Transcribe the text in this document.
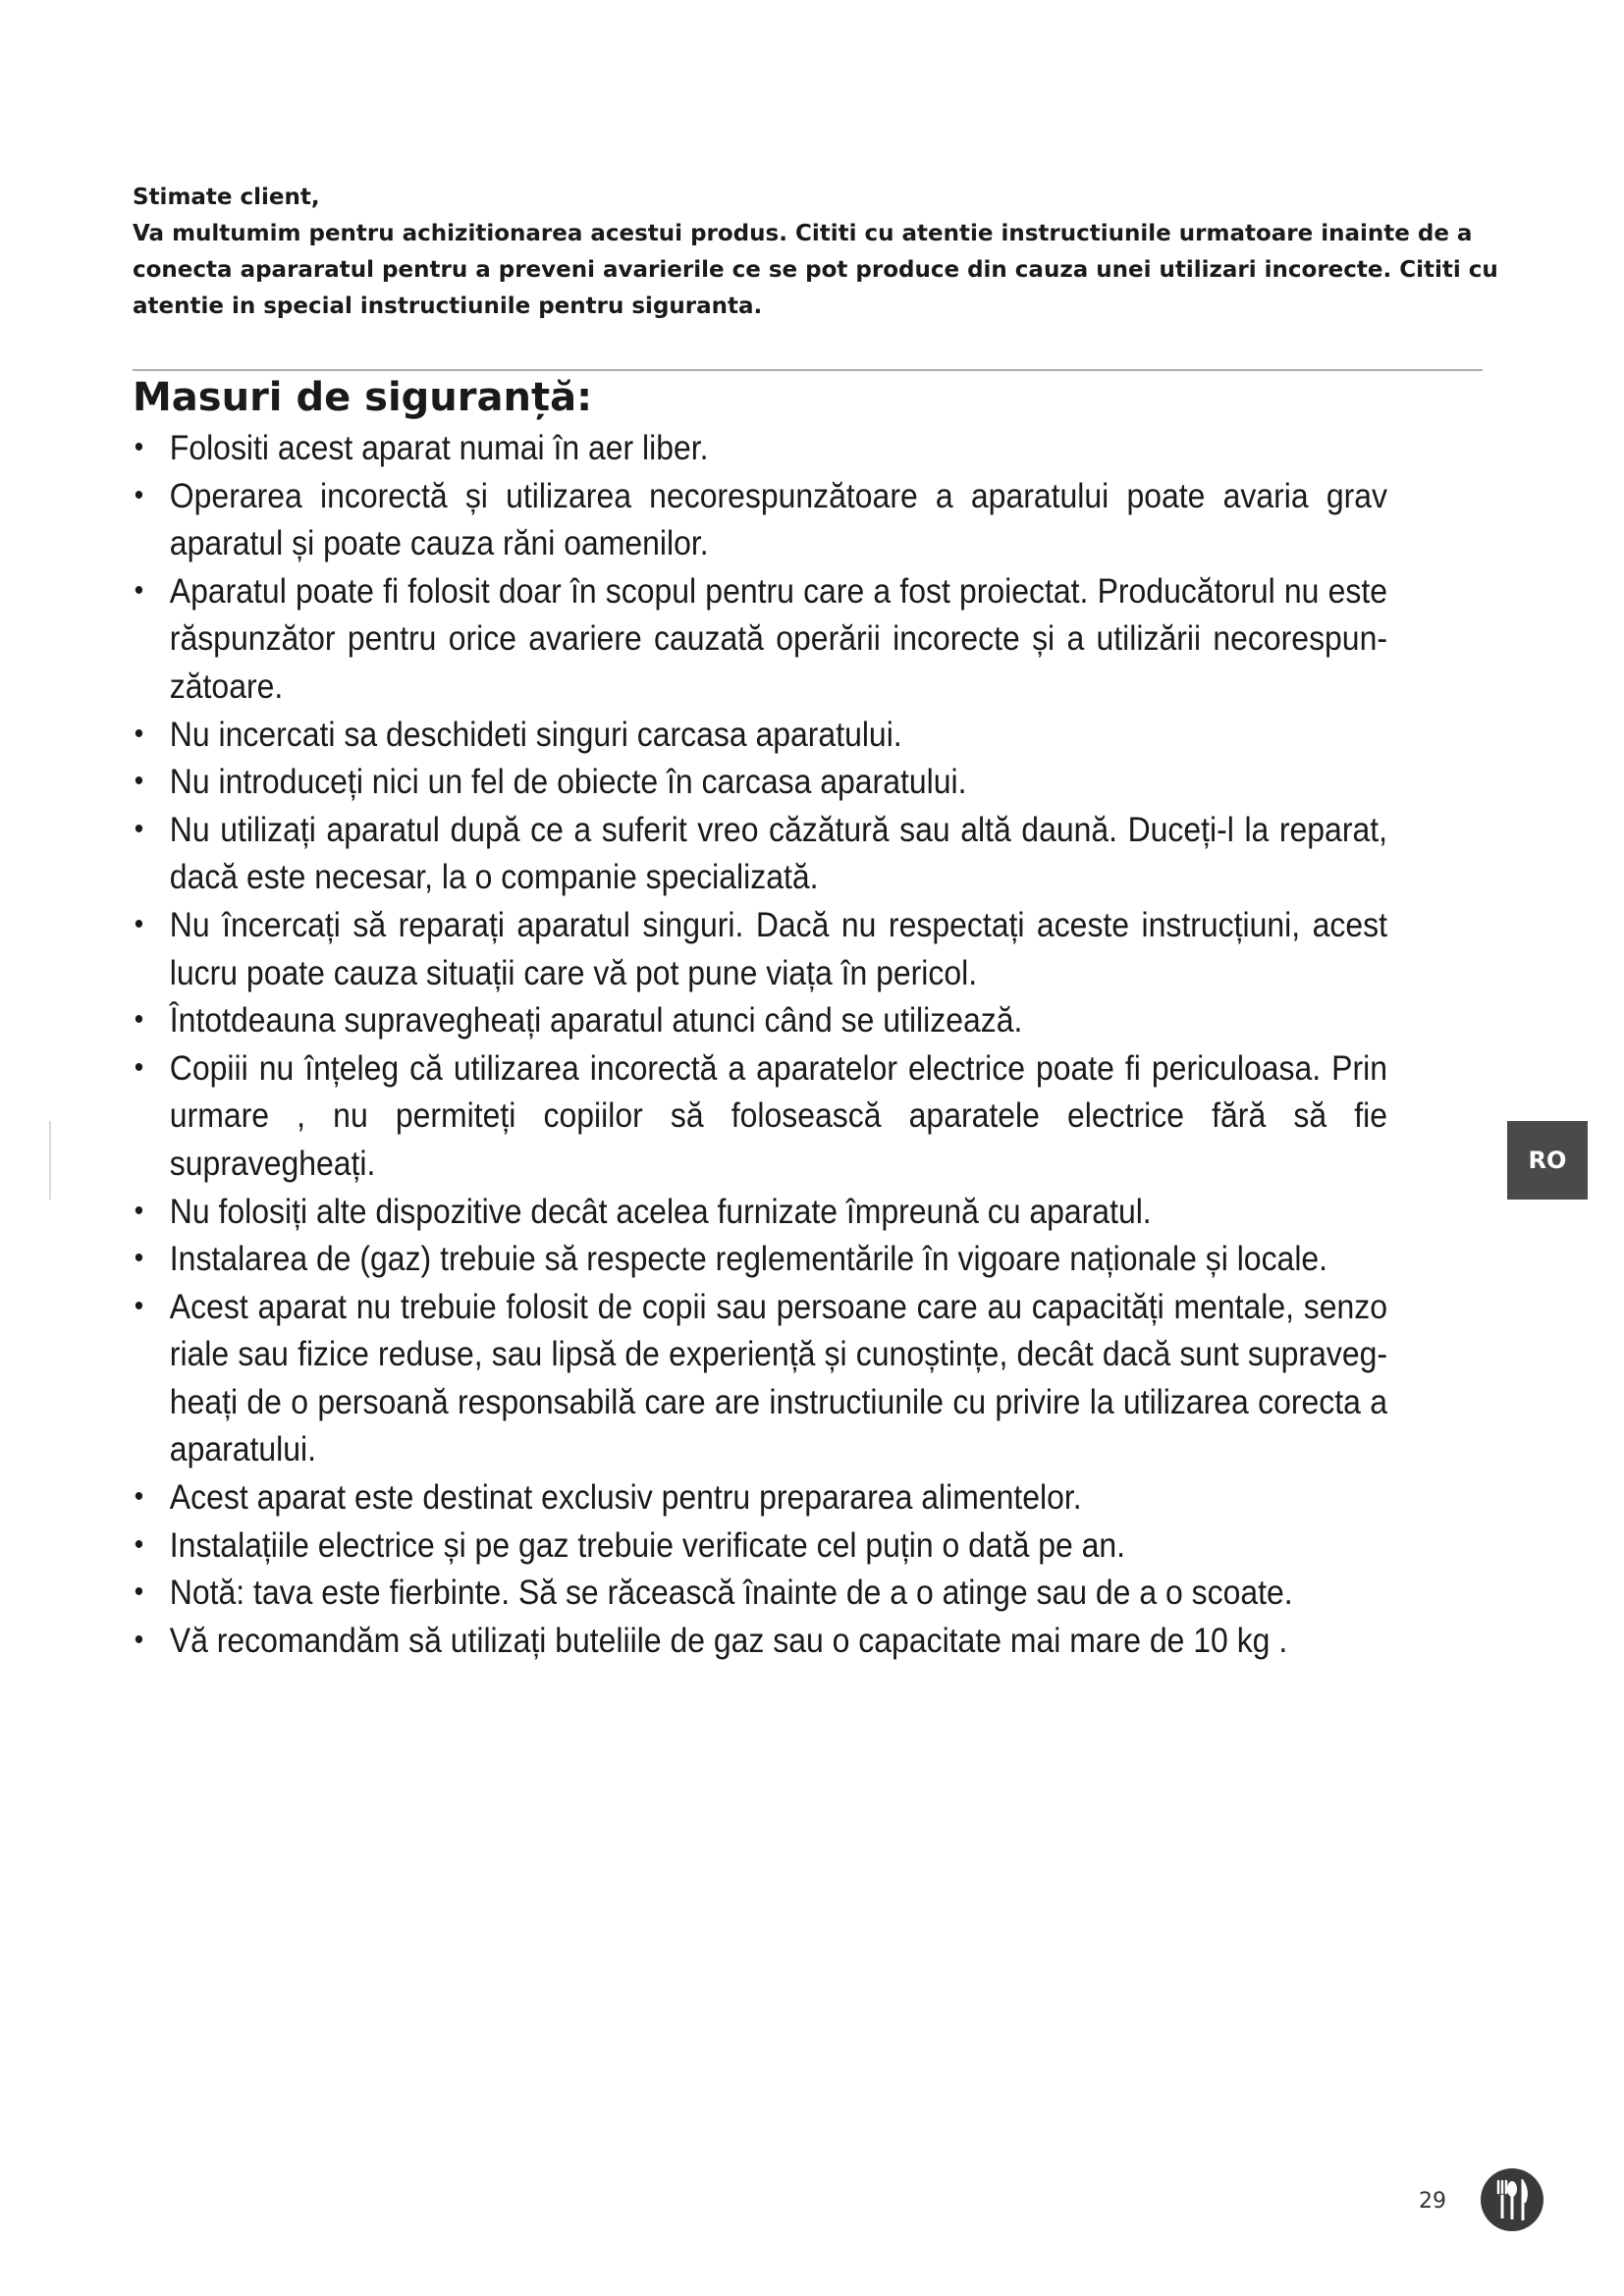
Stimate client,

Va multumim pentru achizitionarea acestui produs. Cititi cu atentie instructiunile urmatoare inainte de a conecta apararatul pentru a preveni avarierile ce se pot produce din cauza unei utilizari incorecte. Cititi cu atentie in special instructiunile pentru siguranta.

Masuri de siguranță:
• Folositi acest aparat numai în aer liber.
• Operarea incorectă și utilizarea necorespunzătoare a aparatului poate avaria grav aparatul și poate cauza răni oamenilor.
• Aparatul poate fi folosit doar în scopul pentru care a fost proiectat. Producătorul nu este răspunzător pentru orice avariere cauzată operării incorecte și a utilizării necorespun-zătoare.
• Nu incercati sa deschideti singuri carcasa aparatului.
• Nu introduceți nici un fel de obiecte în carcasa aparatului.
• Nu utilizați aparatul după ce a suferit vreo căzătură sau altă daună. Duceți-l la reparat, dacă este necesar, la o companie specializată.
• Nu încercați să reparați aparatul singuri. Dacă nu respectați aceste instrucțiuni, acest lucru poate cauza situații care vă pot pune viața în pericol.
• Întotdeauna supravegheați aparatul atunci când se utilizează.
• Copiii nu înțeleg că utilizarea incorectă a aparatelor electrice poate fi periculoasa. Prin urmare , nu permiteți copiilor să folosească aparatele electrice fără să fie supravegheați.
• Nu folosiți alte dispozitive decât acelea furnizate împreună cu aparatul.
• Instalarea de (gaz) trebuie să respecte reglementările în vigoare naționale și locale.
• Acest aparat nu trebuie folosit de copii sau persoane care au capacități mentale, senzo riale sau fizice reduse, sau lipsă de experiență și cunoștințe, decât dacă sunt supraveg-heați de o persoană responsabilă care are instructiunile cu privire la utilizarea corecta a aparatului.
• Acest aparat este destinat exclusiv pentru prepararea alimentelor.
• Instalațiile electrice și pe gaz trebuie verificate cel puțin o dată pe an.
• Notă: tava este fierbinte. Să se răcească înainte de a o atinge sau de a o scoate.
• Vă recomandăm să utilizați buteliile de gaz sau o capacitate mai mare de 10 kg .
RO
29
